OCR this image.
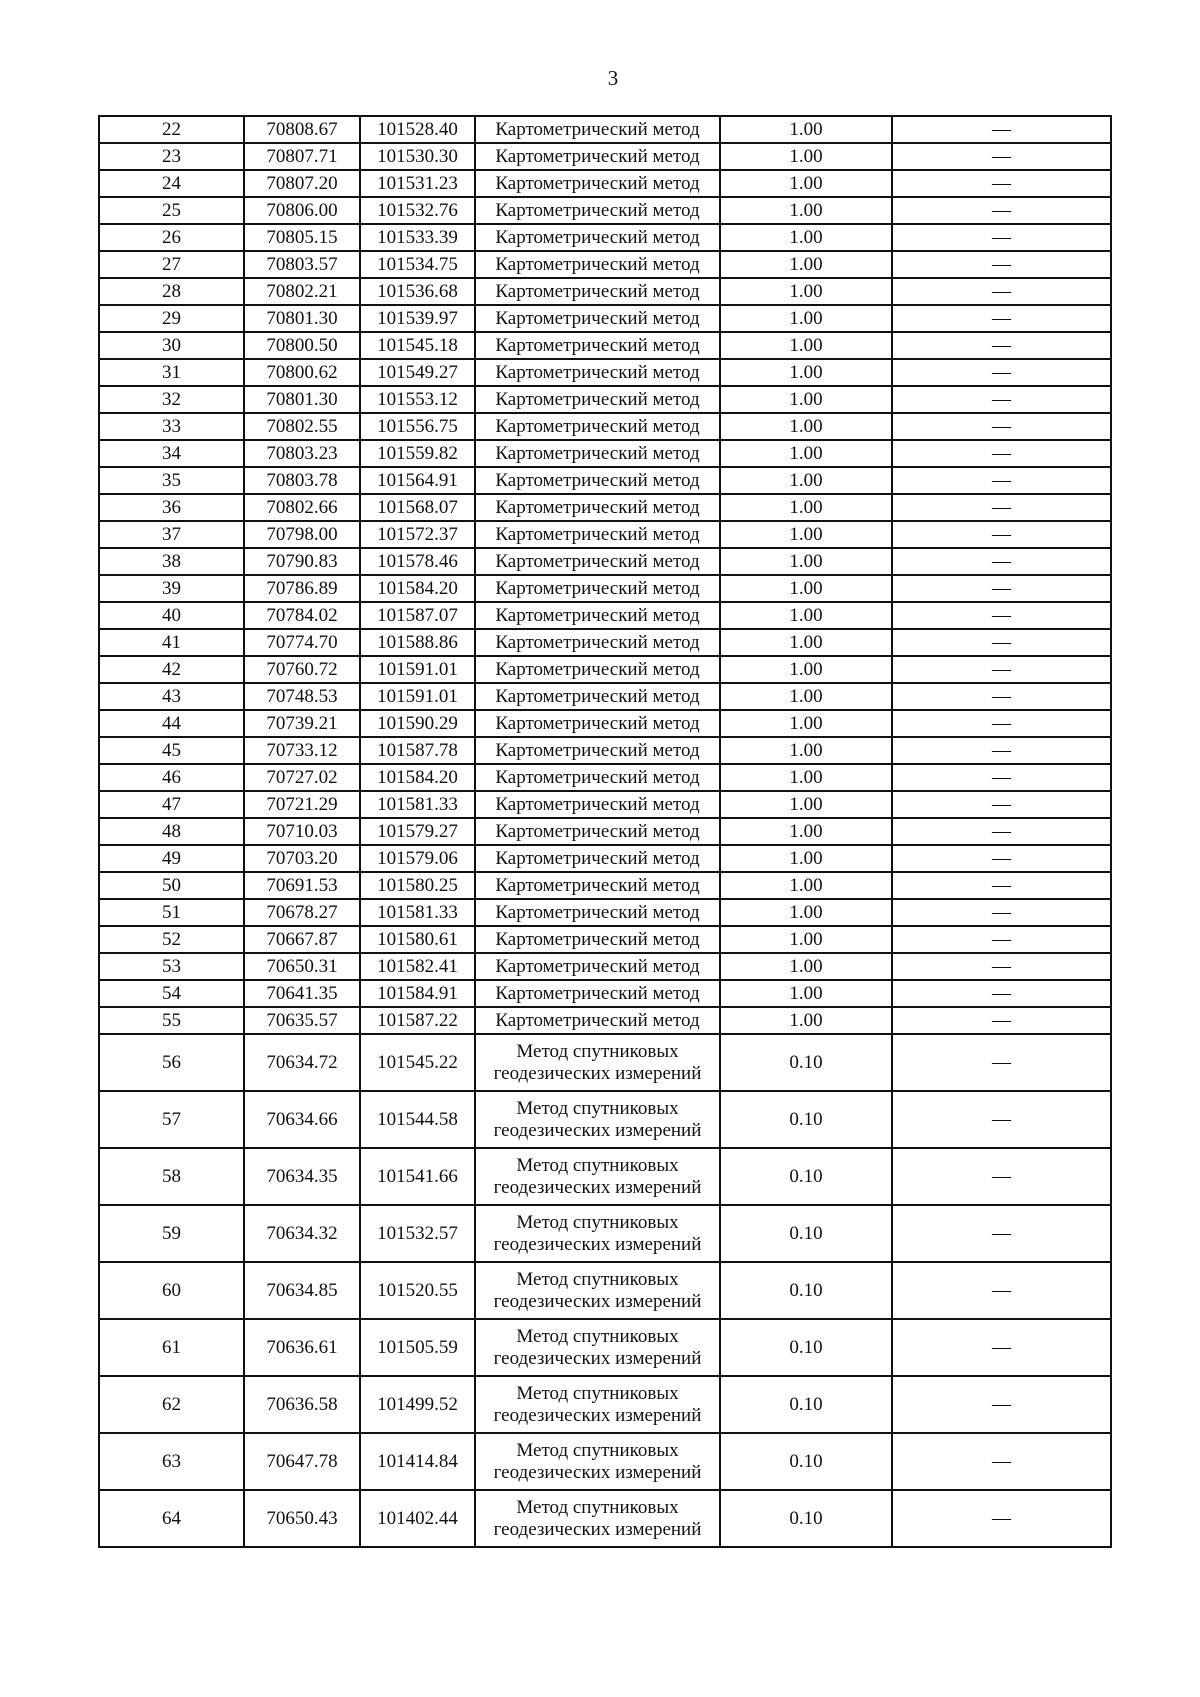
3
22	70808.67	101528.40	Картометрический метод	1.00	—
23	70807.71	101530.30	Картометрический метод	1.00	—
24	70807.20	101531.23	Картометрический метод	1.00	—
25	70806.00	101532.76	Картометрический метод	1.00	—
26	70805.15	101533.39	Картометрический метод	1.00	—
27	70803.57	101534.75	Картометрический метод	1.00	—
28	70802.21	101536.68	Картометрический метод	1.00	—
29	70801.30	101539.97	Картометрический метод	1.00	—
30	70800.50	101545.18	Картометрический метод	1.00	—
31	70800.62	101549.27	Картометрический метод	1.00	—
32	70801.30	101553.12	Картометрический метод	1.00	—
33	70802.55	101556.75	Картометрический метод	1.00	—
34	70803.23	101559.82	Картометрический метод	1.00	—
35	70803.78	101564.91	Картометрический метод	1.00	—
36	70802.66	101568.07	Картометрический метод	1.00	—
37	70798.00	101572.37	Картометрический метод	1.00	—
38	70790.83	101578.46	Картометрический метод	1.00	—
39	70786.89	101584.20	Картометрический метод	1.00	—
40	70784.02	101587.07	Картометрический метод	1.00	—
41	70774.70	101588.86	Картометрический метод	1.00	—
42	70760.72	101591.01	Картометрический метод	1.00	—
43	70748.53	101591.01	Картометрический метод	1.00	—
44	70739.21	101590.29	Картометрический метод	1.00	—
45	70733.12	101587.78	Картометрический метод	1.00	—
46	70727.02	101584.20	Картометрический метод	1.00	—
47	70721.29	101581.33	Картометрический метод	1.00	—
48	70710.03	101579.27	Картометрический метод	1.00	—
49	70703.20	101579.06	Картометрический метод	1.00	—
50	70691.53	101580.25	Картометрический метод	1.00	—
51	70678.27	101581.33	Картометрический метод	1.00	—
52	70667.87	101580.61	Картометрический метод	1.00	—
53	70650.31	101582.41	Картометрический метод	1.00	—
54	70641.35	101584.91	Картометрический метод	1.00	—
55	70635.57	101587.22	Картометрический метод	1.00	—
56	70634.72	101545.22	Метод спутниковых
геодезических измерений	0.10	—
57	70634.66	101544.58	Метод спутниковых
геодезических измерений	0.10	—
58	70634.35	101541.66	Метод спутниковых
геодезических измерений	0.10	—
59	70634.32	101532.57	Метод спутниковых
геодезических измерений	0.10	—
60	70634.85	101520.55	Метод спутниковых
геодезических измерений	0.10	—
61	70636.61	101505.59	Метод спутниковых
геодезических измерений	0.10	—
62	70636.58	101499.52	Метод спутниковых
геодезических измерений	0.10	—
63	70647.78	101414.84	Метод спутниковых
геодезических измерений	0.10	—
64	70650.43	101402.44	Метод спутниковых
геодезических измерений	0.10	—
